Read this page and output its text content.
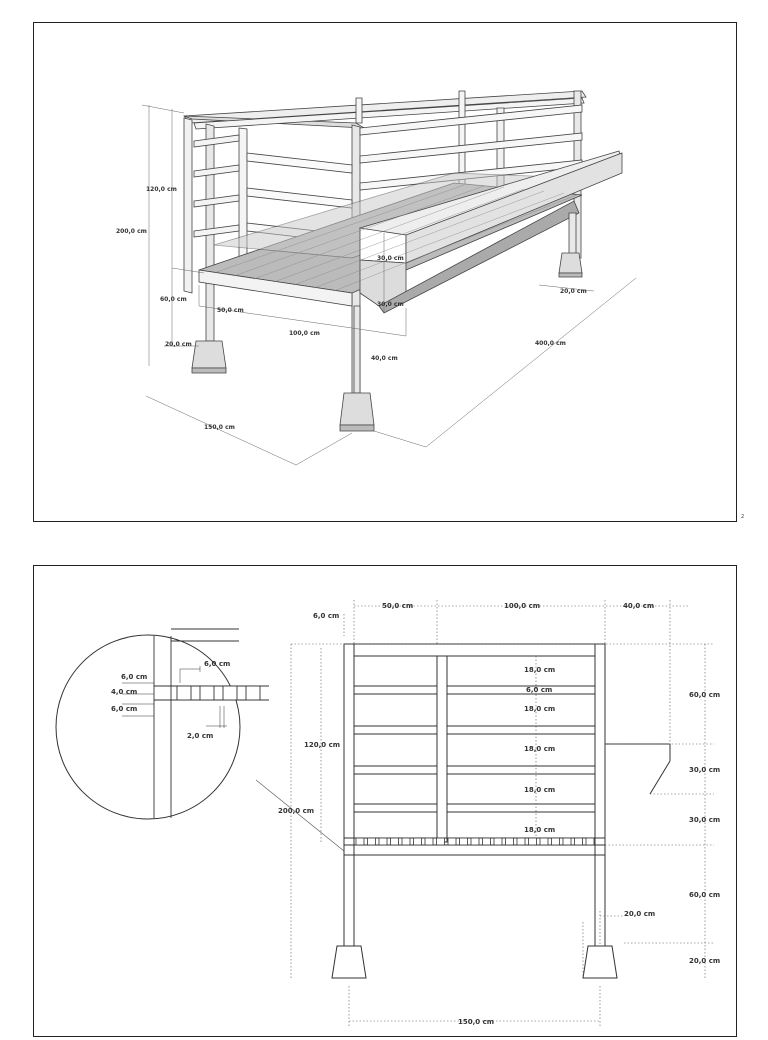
120,0 cm
200,0 cm
60,0 cm
20,0 cm
50,0 cm
100,0 cm
40,0 cm
150,0 cm
400,0 cm
30,0 cm
30,0 cm
20,0 cm
2
6,0 cm
6,0 cm
4,0 cm
6,0 cm
2,0 cm
6,0 cm
50,0 cm	100,0 cm	40,0 cm
18,0 cm
6,0 cm
18,0 cm
18,0 cm
18,0 cm
18,0 cm
120,0 cm
200,0 cm
60,0 cm
30,0 cm
30,0 cm
60,0 cm
20,0 cm
20,0 cm
150,0 cm
